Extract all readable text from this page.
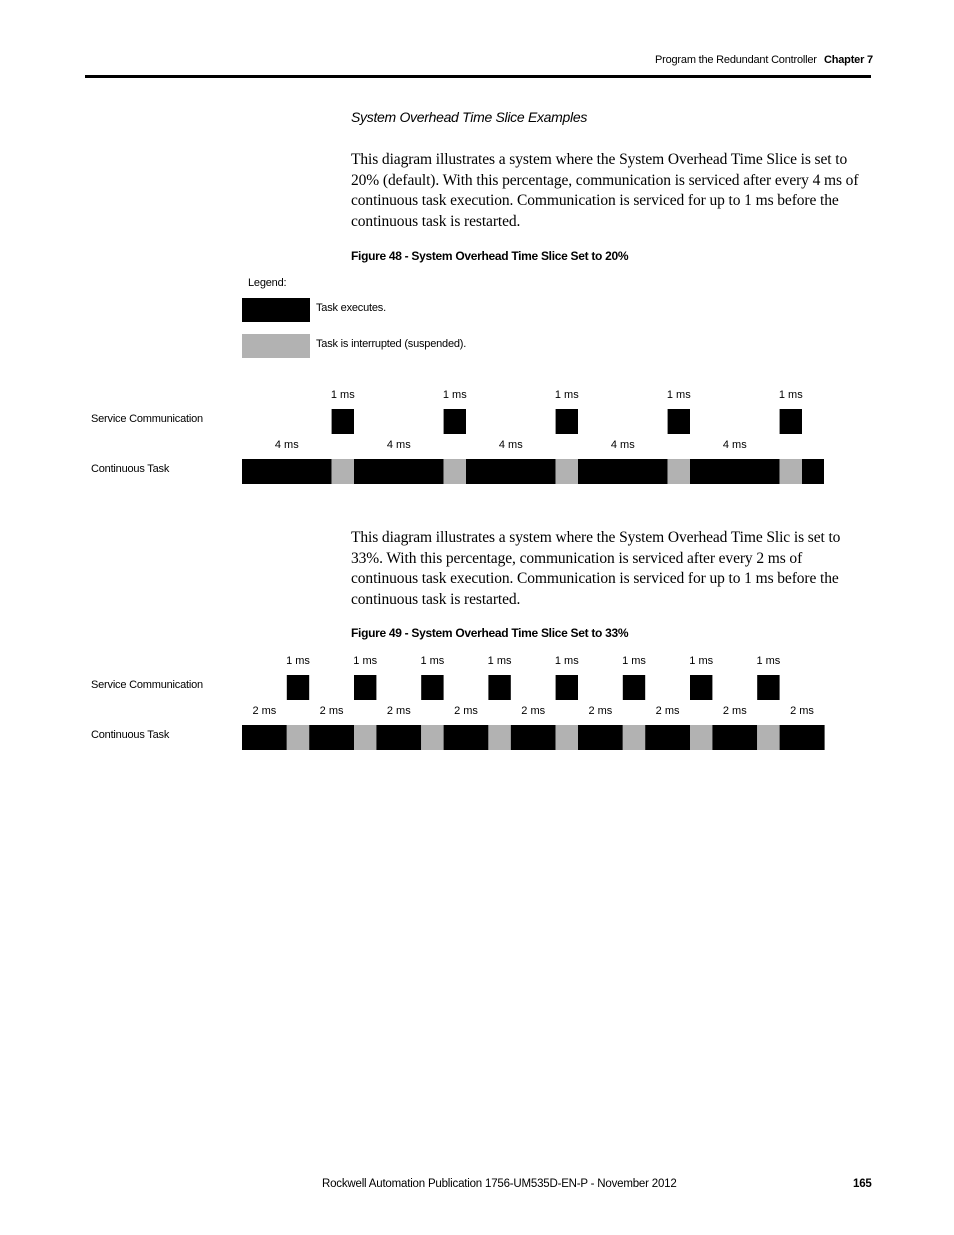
Program the Redundant Controller Chapter 7
System Overhead Time Slice Examples
This diagram illustrates a system where the System Overhead Time Slice is set to 20% (default). With this percentage, communication is serviced after every 4 ms of continuous task execution. Communication is serviced for up to 1 ms before the continuous task is restarted.
Figure 48 - System Overhead Time Slice Set to 20%
Legend:
Task executes.
Task is interrupted (suspended).
Service Communication
Continuous Task
This diagram illustrates a system where the System Overhead Time Slic is set to 33%. With this percentage, communication is serviced after every 2 ms of continuous task execution. Communication is serviced for up to 1 ms before the continuous task is restarted.
Figure 49 - System Overhead Time Slice Set to 33%
Service Communication
Continuous Task
4 ms
1 ms
4 ms
1 ms
4 ms
1 ms
4 ms
1 ms
4 ms
1 ms
2 ms
1 ms
2 ms
1 ms
2 ms
1 ms
2 ms
1 ms
2 ms
1 ms
2 ms
1 ms
2 ms
1 ms
2 ms
1 ms
2 ms
Rockwell Automation Publication 1756-UM535D-EN-P - November 2012	165
